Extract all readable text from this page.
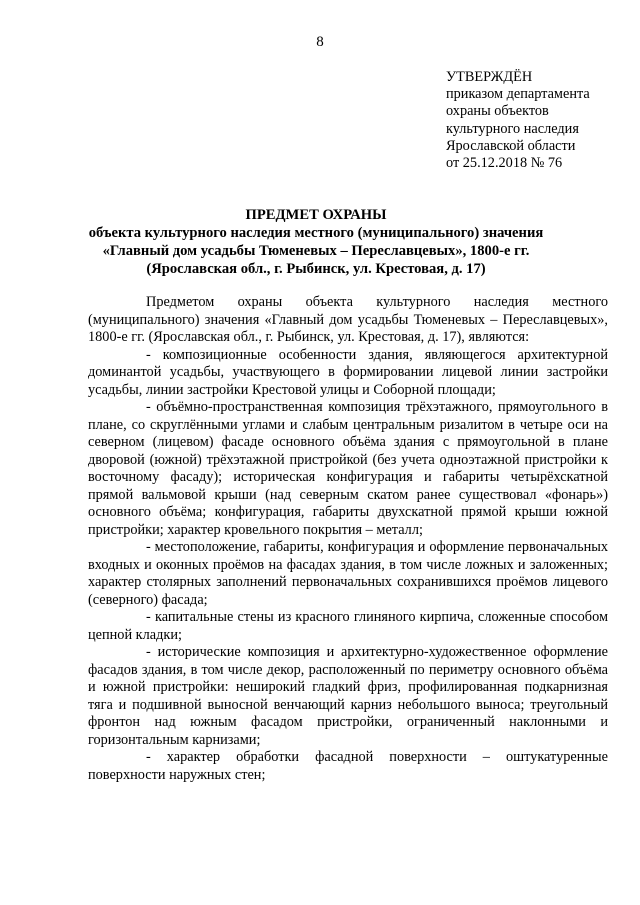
8
УТВЕРЖДЁН
приказом департамента
охраны объектов
культурного наследия
Ярославской области
от 25.12.2018 № 76
ПРЕДМЕТ ОХРАНЫ
объекта культурного наследия местного (муниципального) значения
«Главный дом усадьбы Тюменевых – Переславцевых», 1800-е гг.
(Ярославская обл., г. Рыбинск, ул. Крестовая, д. 17)

Предметом охраны объекта культурного наследия местного (муниципального) значения «Главный дом усадьбы Тюменевых – Переславцевых», 1800-е гг. (Ярославская обл., г. Рыбинск, ул. Крестовая, д. 17), являются:

- композиционные особенности здания, являющегося архитектурной доминантой усадьбы, участвующего в формировании лицевой линии застройки усадьбы, линии застройки Крестовой улицы и Соборной площади;

- объёмно-пространственная композиция трёхэтажного, прямоугольного в плане, со скруглёнными углами и слабым центральным ризалитом в четыре оси на северном (лицевом) фасаде основного объёма здания с прямоугольной в плане дворовой (южной) трёхэтажной пристройкой (без учета одноэтажной пристройки к восточному фасаду); историческая конфигурация и габариты четырёхскатной прямой вальмовой крыши (над северным скатом ранее существовал «фонарь») основного объёма; конфигурация, габариты двухскатной прямой крыши южной пристройки; характер кровельного покрытия – металл;

- местоположение, габариты, конфигурация и оформление первоначальных входных и оконных проёмов на фасадах здания, в том числе ложных и заложенных; характер столярных заполнений первоначальных сохранившихся проёмов лицевого (северного) фасада;

- капитальные стены из красного глиняного кирпича, сложенные способом цепной кладки;

- исторические композиция и архитектурно-художественное оформление фасадов здания, в том числе декор, расположенный по периметру основного объёма и южной пристройки: неширокий гладкий фриз, профилированная подкарнизная тяга и подшивной выносной венчающий карниз небольшого выноса; треугольный фронтон над южным фасадом пристройки, ограниченный наклонными и горизонтальным карнизами;

- характер обработки фасадной поверхности – оштукатуренные поверхности наружных стен;
